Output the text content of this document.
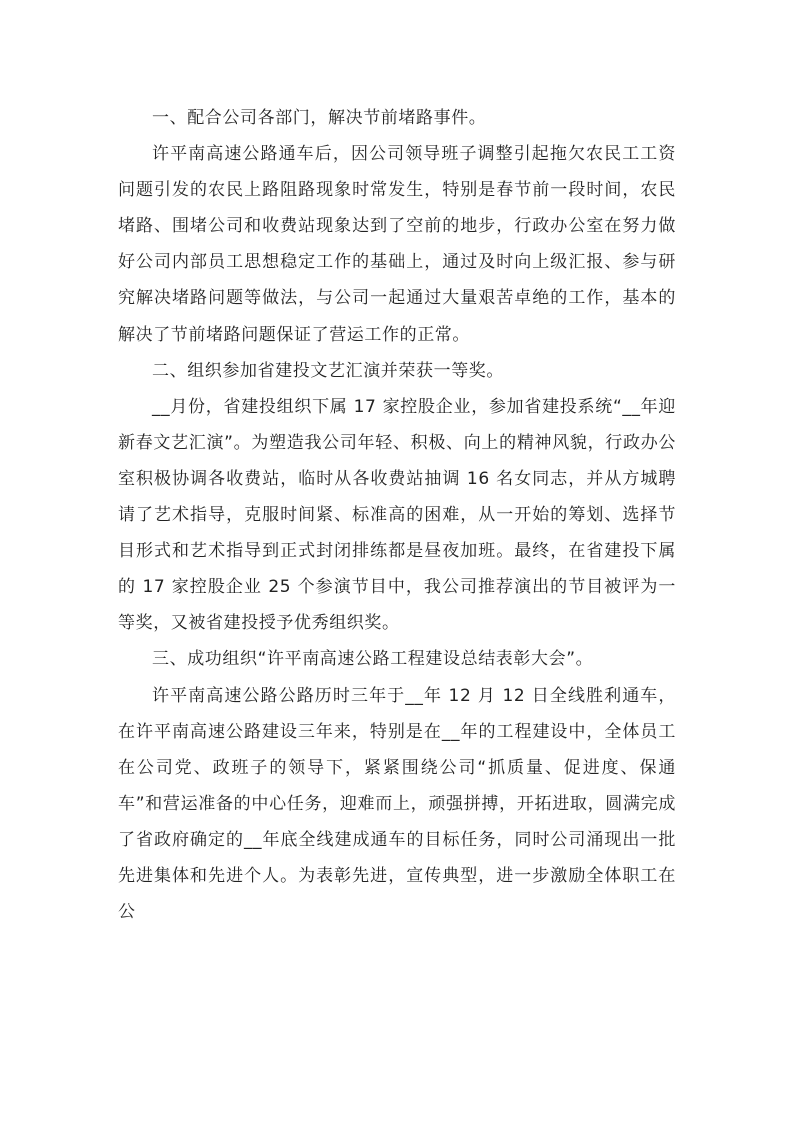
一、配合公司各部门，解决节前堵路事件。

许平南高速公路通车后，因公司领导班子调整引起拖欠农民工工资问题引发的农民上路阻路现象时常发生，特别是春节前一段时间，农民堵路、围堵公司和收费站现象达到了空前的地步，行政办公室在努力做好公司内部员工思想稳定工作的基础上，通过及时向上级汇报、参与研究解决堵路问题等做法，与公司一起通过大量艰苦卓绝的工作，基本的解决了节前堵路问题保证了营运工作的正常。

二、组织参加省建投文艺汇演并荣获一等奖。

__月份，省建投组织下属 17 家控股企业，参加省建投系统“__年迎新春文艺汇演”。为塑造我公司年轻、积极、向上的精神风貌，行政办公室积极协调各收费站，临时从各收费站抽调 16 名女同志，并从方城聘请了艺术指导，克服时间紧、标准高的困难，从一开始的筹划、选择节目形式和艺术指导到正式封闭排练都是昼夜加班。最终，在省建投下属的 17 家控股企业 25 个参演节目中，我公司推荐演出的节目被评为一等奖，又被省建投授予优秀组织奖。

三、成功组织“许平南高速公路工程建设总结表彰大会”。

许平南高速公路公路历时三年于__年 12 月 12 日全线胜利通车，在许平南高速公路建设三年来，特别是在__年的工程建设中，全体员工在公司党、政班子的领导下，紧紧围绕公司“抓质量、促进度、保通车”和营运准备的中心任务，迎难而上，顽强拼搏，开拓进取，圆满完成了省政府确定的__年底全线建成通车的目标任务，同时公司涌现出一批先进集体和先进个人。为表彰先进，宣传典型，进一步激励全体职工在公
